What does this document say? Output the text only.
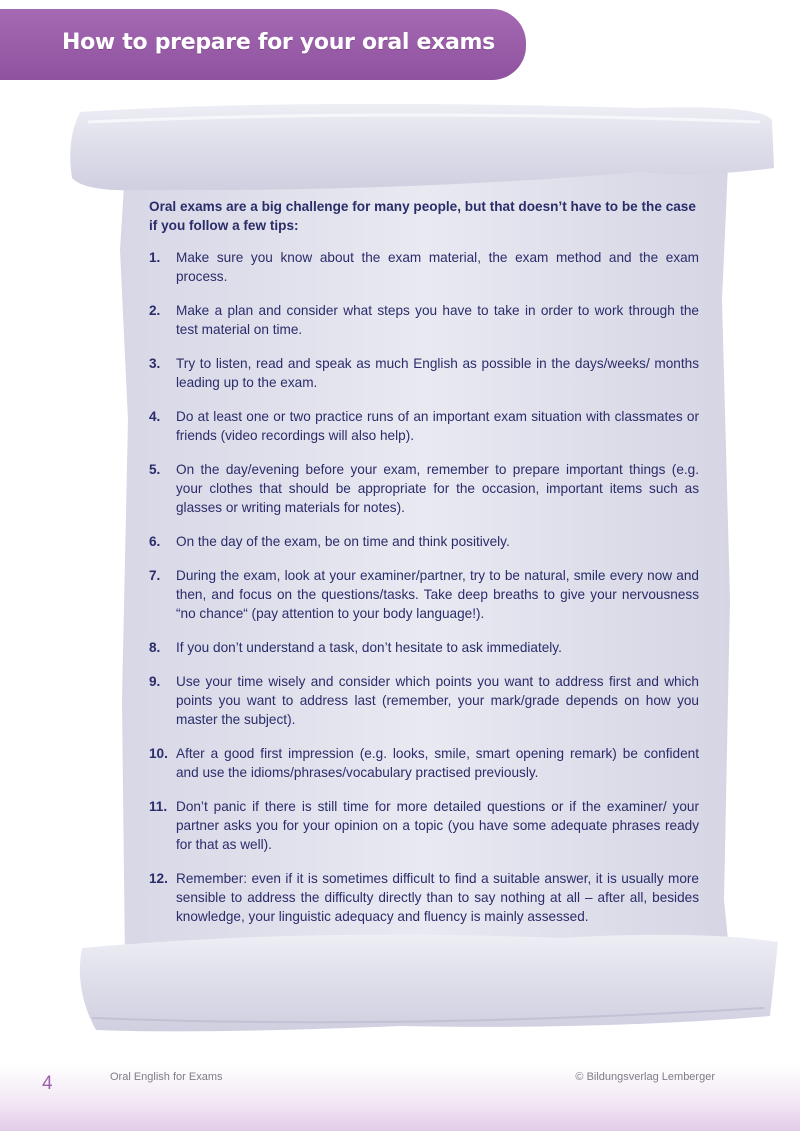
How to prepare for your oral exams

Oral exams are a big challenge for many people, but that doesn’t have to be the case if you follow a few tips:

1. Make sure you know about the exam material, the exam method and the exam process.
2. Make a plan and consider what steps you have to take in order to work through the test material on time.
3. Try to listen, read and speak as much English as possible in the days/weeks/ months leading up to the exam.
4. Do at least one or two practice runs of an important exam situation with classmates or friends (video recordings will also help).
5. On the day/evening before your exam, remember to prepare important things (e.g. your clothes that should be appropriate for the occasion, important items such as glasses or writing materials for notes).
6. On the day of the exam, be on time and think positively.
7. During the exam, look at your examiner/partner, try to be natural, smile every now and then, and focus on the questions/tasks. Take deep breaths to give your nervousness “no chance“ (pay attention to your body language!).
8. If you don’t understand a task, don’t hesitate to ask immediately.
9. Use your time wisely and consider which points you want to address first and which points you want to address last (remember, your mark/grade depends on how you master the subject).
10. After a good first impression (e.g. looks, smile, smart opening remark) be confident and use the idioms/phrases/vocabulary practised previously.
11. Don’t panic if there is still time for more detailed questions or if the examiner/ your partner asks you for your opinion on a topic (you have some adequate phrases ready for that as well).
12. Remember: even if it is sometimes difficult to find a suitable answer, it is usually more sensible to address the difficulty directly than to say nothing at all – after all, besides knowledge, your linguistic adequacy and fluency is mainly assessed.
4	Oral English for Exams	© Bildungsverlag Lemberger
